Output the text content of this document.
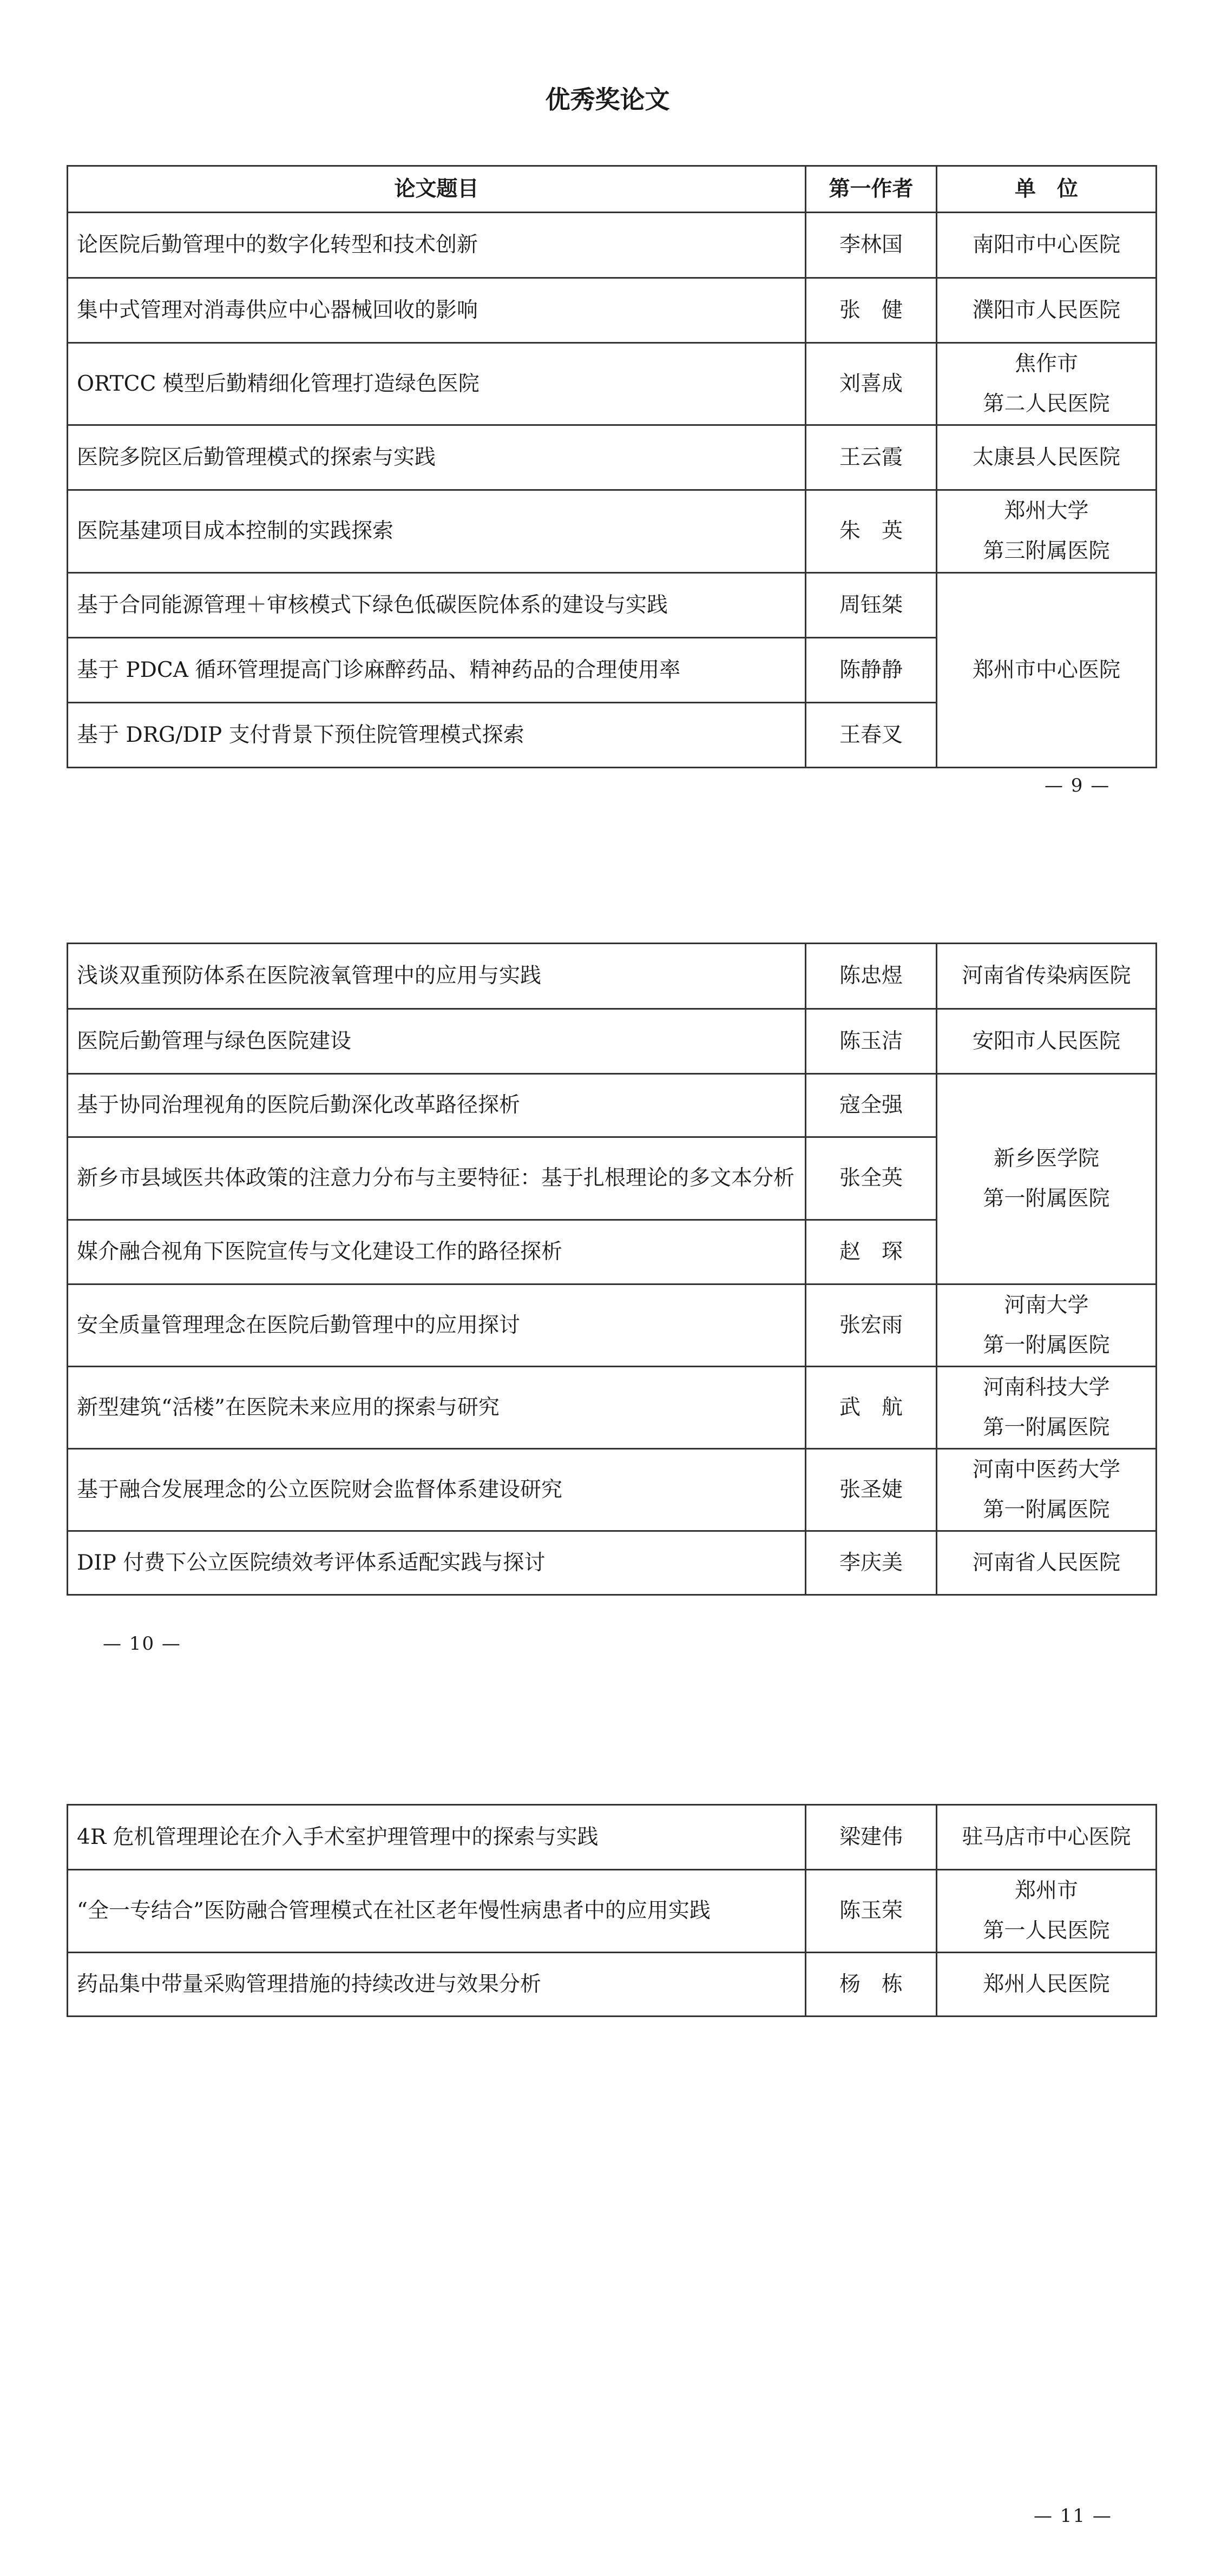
优秀奖论文
论文题目	第一作者	单　位
论医院后勤管理中的数字化转型和技术创新	李林国	南阳市中心医院
集中式管理对消毒供应中心器械回收的影响	张　健	濮阳市人民医院
ORTCC 模型后勤精细化管理打造绿色医院	刘喜成	焦作市
第二人民医院
医院多院区后勤管理模式的探索与实践	王云霞	太康县人民医院
医院基建项目成本控制的实践探索	朱　英	郑州大学
第三附属医院
基于合同能源管理＋审核模式下绿色低碳医院体系的建设与实践	周钰桀	郑州市中心医院
基于 PDCA 循环管理提高门诊麻醉药品、精神药品的合理使用率	陈静静	
基于 DRG/DIP 支付背景下预住院管理模式探索	王春叉	
— 9 —
浅谈双重预防体系在医院液氧管理中的应用与实践	陈忠煜	河南省传染病医院
医院后勤管理与绿色医院建设	陈玉洁	安阳市人民医院
基于协同治理视角的医院后勤深化改革路径探析	寇全强	新乡医学院
第一附属医院
新乡市县域医共体政策的注意力分布与主要特征：基于扎根理论的多文本分析	张全英	
媒介融合视角下医院宣传与文化建设工作的路径探析	赵　琛	
安全质量管理理念在医院后勤管理中的应用探讨	张宏雨	河南大学
第一附属医院
新型建筑“活楼”在医院未来应用的探索与研究	武　航	河南科技大学
第一附属医院
基于融合发展理念的公立医院财会监督体系建设研究	张圣婕	河南中医药大学
第一附属医院
DIP 付费下公立医院绩效考评体系适配实践与探讨	李庆美	河南省人民医院
— 10 —
4R 危机管理理论在介入手术室护理管理中的探索与实践	梁建伟	驻马店市中心医院
“全一专结合”医防融合管理模式在社区老年慢性病患者中的应用实践	陈玉荣	郑州市
第一人民医院
药品集中带量采购管理措施的持续改进与效果分析	杨　栋	郑州人民医院
— 11 —
